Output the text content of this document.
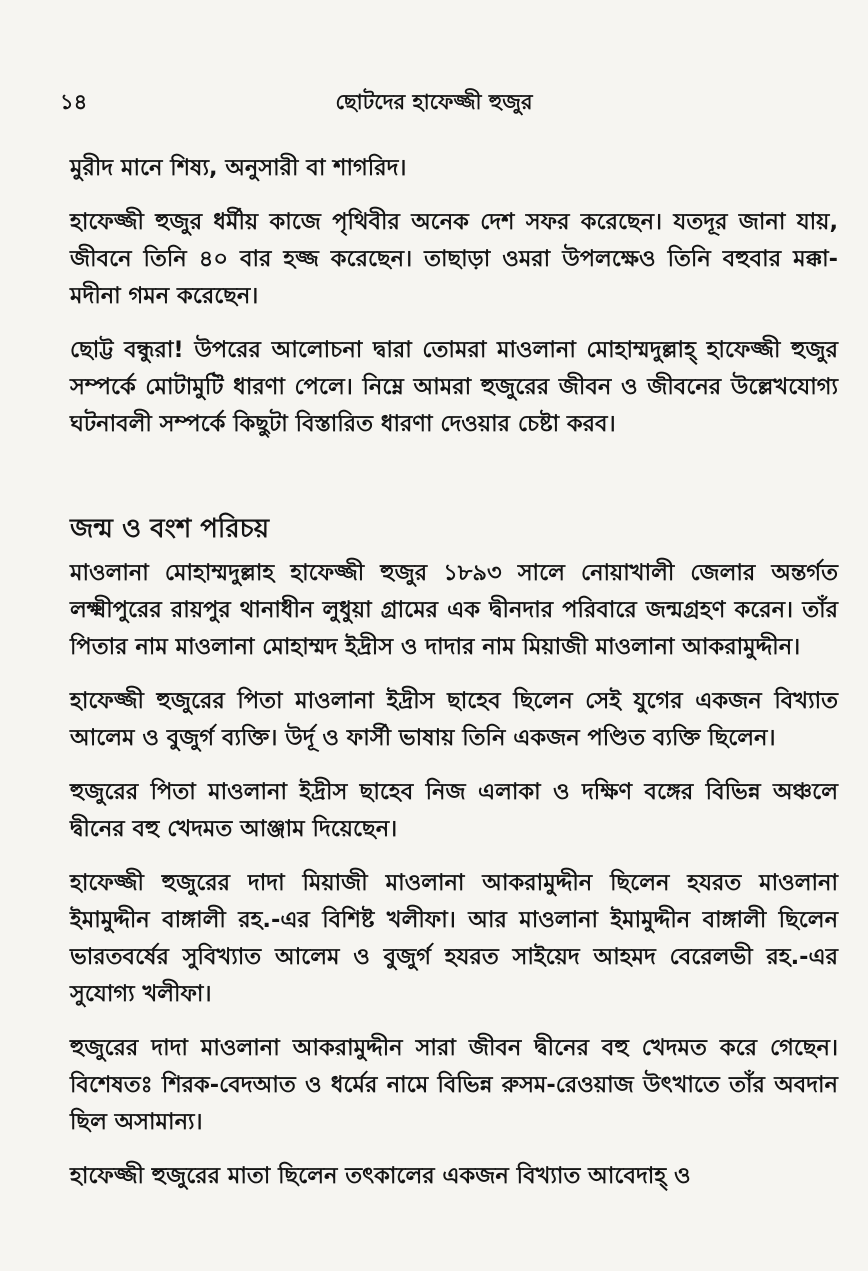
১৪	ছোটদের হাফেজ্জী হুজুর

মুরীদ মানে শিষ্য, অনুসারী বা শাগরিদ।

হাফেজ্জী হুজুর ধর্মীয় কাজে পৃথিবীর অনেক দেশ সফর করেছেন। যতদূর জানা যায়, জীবনে তিনি ৪০ বার হজ্জ করেছেন। তাছাড়া ওমরা উপলক্ষেও তিনি বহুবার মক্কা-মদীনা গমন করেছেন।

ছোট্ট বন্ধুরা! উপরের আলোচনা দ্বারা তোমরা মাওলানা মোহাম্মদুল্লাহ্ হাফেজ্জী হুজুর সম্পর্কে মোটামুটি ধারণা পেলে। নিম্নে আমরা হুজুরের জীবন ও জীবনের উল্লেখযোগ্য ঘটনাবলী সম্পর্কে কিছুটা বিস্তারিত ধারণা দেওয়ার চেষ্টা করব।

জন্ম ও বংশ পরিচয়

মাওলানা মোহাম্মদুল্লাহ হাফেজ্জী হুজুর ১৮৯৩ সালে নোয়াখালী জেলার অন্তর্গত লক্ষ্মীপুরের রায়পুর থানাধীন লুধুয়া গ্রামের এক দ্বীনদার পরিবারে জন্মগ্রহণ করেন। তাঁর পিতার নাম মাওলানা মোহাম্মদ ইদ্রীস ও দাদার নাম মিয়াজী মাওলানা আকরামুদ্দীন।

হাফেজ্জী হুজুরের পিতা মাওলানা ইদ্রীস ছাহেব ছিলেন সেই যুগের একজন বিখ্যাত আলেম ও বুজুর্গ ব্যক্তি। উর্দূ ও ফার্সী ভাষায় তিনি একজন পণ্ডিত ব্যক্তি ছিলেন।

হুজুরের পিতা মাওলানা ইদ্রীস ছাহেব নিজ এলাকা ও দক্ষিণ বঙ্গের বিভিন্ন অঞ্চলে দ্বীনের বহু খেদমত আঞ্জাম দিয়েছেন।

হাফেজ্জী হুজুরের দাদা মিয়াজী মাওলানা আকরামুদ্দীন ছিলেন হযরত মাওলানা ইমামুদ্দীন বাঙ্গালী রহ.-এর বিশিষ্ট খলীফা। আর মাওলানা ইমামুদ্দীন বাঙ্গালী ছিলেন ভারতবর্ষের সুবিখ্যাত আলেম ও বুজুর্গ হযরত সাইয়েদ আহমদ বেরেলভী রহ.-এর সুযোগ্য খলীফা।

হুজুরের দাদা মাওলানা আকরামুদ্দীন সারা জীবন দ্বীনের বহু খেদমত করে গেছেন। বিশেষতঃ শিরক-বেদআত ও ধর্মের নামে বিভিন্ন রুসম-রেওয়াজ উৎখাতে তাঁর অবদান ছিল অসামান্য।

হাফেজ্জী হুজুরের মাতা ছিলেন তৎকালের একজন বিখ্যাত আবেদাহ্ ও
